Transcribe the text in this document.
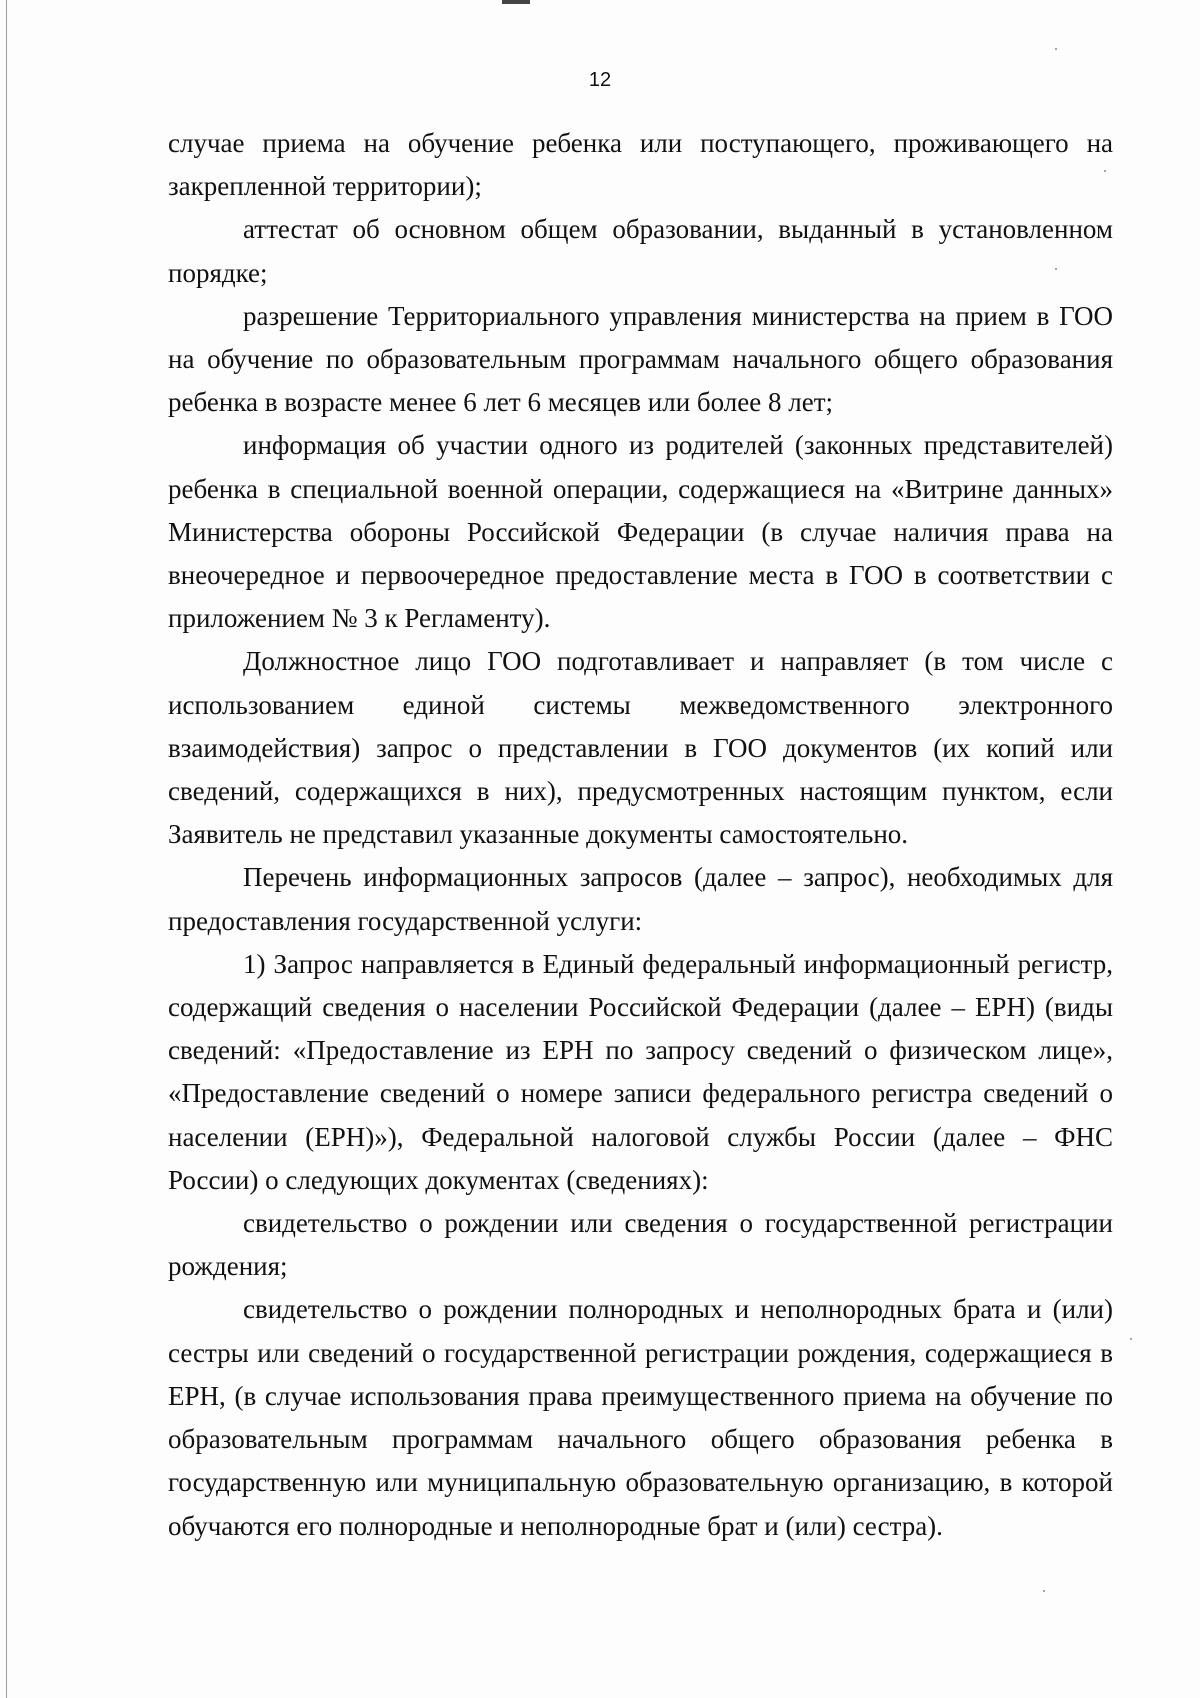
12

случае приема на обучение ребенка или поступающего, проживающего на закрепленной территории);

аттестат об основном общем образовании, выданный в установленном порядке;

разрешение Территориального управления министерства на прием в ГОО на обучение по образовательным программам начального общего образования ребенка в возрасте менее 6 лет 6 месяцев или более 8 лет;

информация об участии одного из родителей (законных представителей) ребенка в специальной военной операции, содержащиеся на «Витрине данных» Министерства обороны Российской Федерации (в случае наличия права на внеочередное и первоочередное предоставление места в ГОО в соответствии с приложением № 3 к Регламенту).

Должностное лицо ГОО подготавливает и направляет (в том числе с использованием единой системы межведомственного электронного взаимодействия) запрос о представлении в ГОО документов (их копий или сведений, содержащихся в них), предусмотренных настоящим пунктом, если Заявитель не представил указанные документы самостоятельно.

Перечень информационных запросов (далее – запрос), необходимых для предоставления государственной услуги:

1) Запрос направляется в Единый федеральный информационный регистр, содержащий сведения о населении Российской Федерации (далее – ЕРН) (виды сведений: «Предоставление из ЕРН по запросу сведений о физическом лице», «Предоставление сведений о номере записи федерального регистра сведений о населении (ЕРН)»), Федеральной налоговой службы России (далее – ФНС России) о следующих документах (сведениях):

свидетельство о рождении или сведения о государственной регистрации рождения;

свидетельство о рождении полнородных и неполнородных брата и (или) сестры или сведений о государственной регистрации рождения, содержащиеся в ЕРН, (в случае использования права преимущественного приема на обучение по образовательным программам начального общего образования ребенка в государственную или муниципальную образовательную организацию, в которой обучаются его полнородные и неполнородные брат и (или) сестра).
